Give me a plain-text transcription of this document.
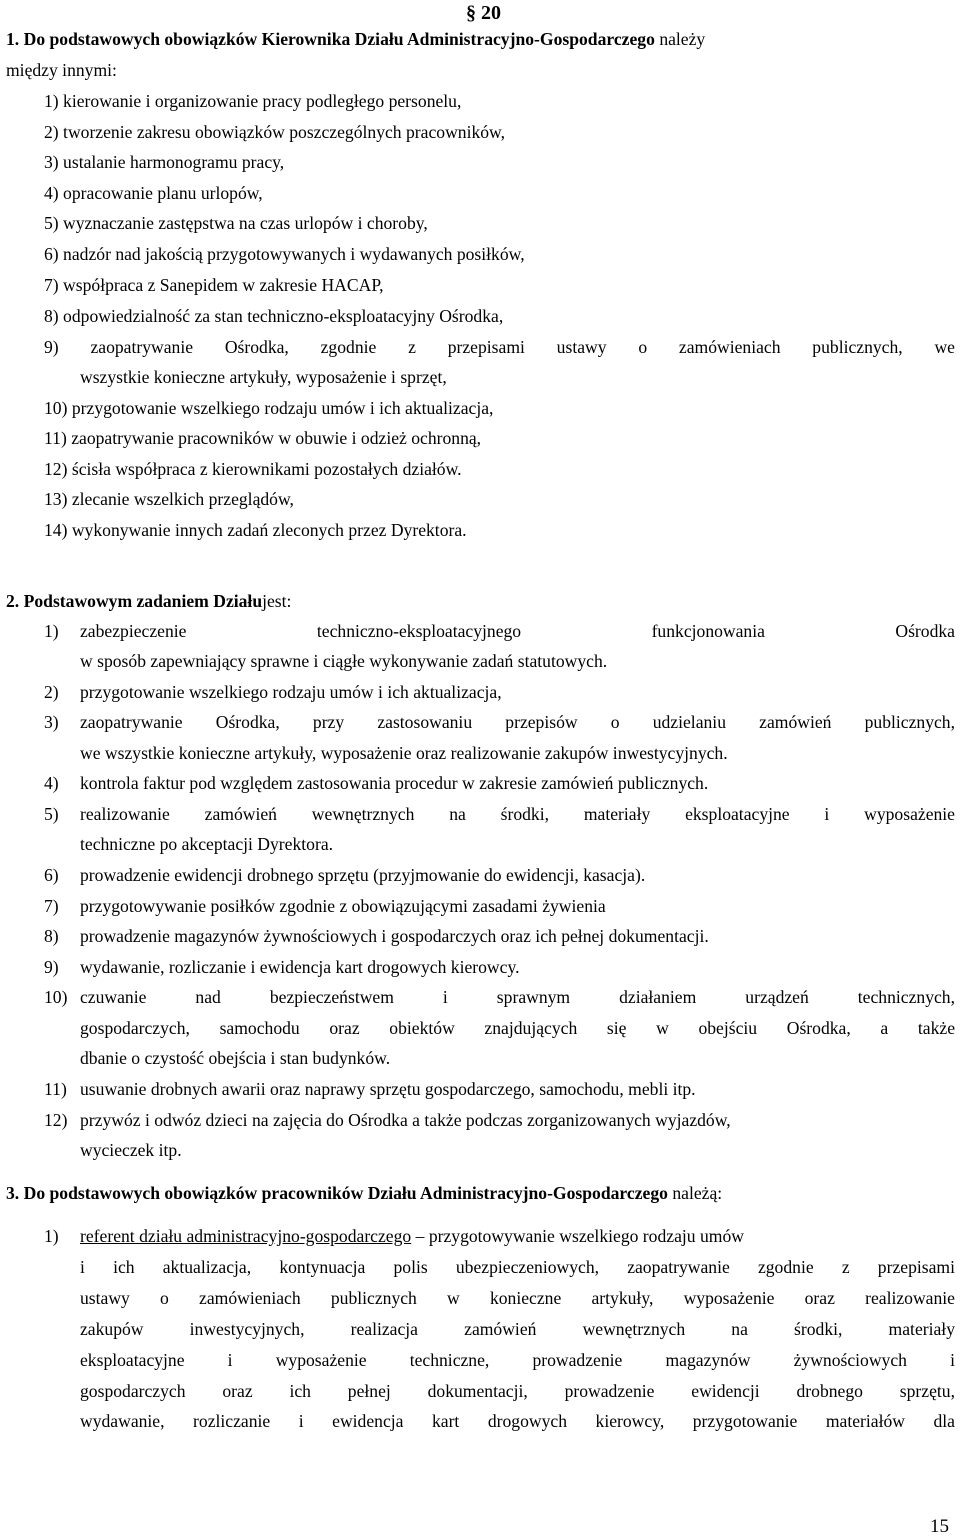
§ 20
1. Do podstawowych obowiązków Kierownika Działu Administracyjno-Gospodarczego należy
między innymi:
1) kierowanie i organizowanie pracy podległego personelu,
2) tworzenie zakresu obowiązków poszczególnych pracowników,
3) ustalanie harmonogramu pracy,
4) opracowanie planu urlopów,
5) wyznaczanie zastępstwa na czas urlopów i choroby,
6) nadzór nad jakością przygotowywanych i wydawanych posiłków,
7) współpraca z Sanepidem w zakresie HACAP,
8) odpowiedzialność za stan techniczno-eksploatacyjny Ośrodka,
9) zaopatrywanie Ośrodka, zgodnie z przepisami ustawy o zamówieniach publicznych, we
wszystkie konieczne artykuły, wyposażenie i sprzęt,
10) przygotowanie wszelkiego rodzaju umów i ich aktualizacja,
11) zaopatrywanie pracowników w obuwie i odzież ochronną,
12) ścisła współpraca z kierownikami pozostałych działów.
13) zlecanie wszelkich przeglądów,
14) wykonywanie innych zadań zleconych przez Dyrektora.
2. Podstawowym zadaniem Działujest:
1) zabezpieczenie techniczno-eksploatacyjnego funkcjonowania Ośrodka
w sposób zapewniający sprawne i ciągłe wykonywanie zadań statutowych.
2) przygotowanie wszelkiego rodzaju umów i ich aktualizacja,
3) zaopatrywanie Ośrodka, przy zastosowaniu przepisów o udzielaniu zamówień publicznych,
we wszystkie konieczne artykuły, wyposażenie oraz realizowanie zakupów inwestycyjnych.
4) kontrola faktur pod względem zastosowania procedur w zakresie zamówień publicznych.
5) realizowanie zamówień wewnętrznych na środki, materiały eksploatacyjne i wyposażenie
techniczne po akceptacji Dyrektora.
6) prowadzenie ewidencji drobnego sprzętu (przyjmowanie do ewidencji, kasacja).
7) przygotowywanie posiłków zgodnie z obowiązującymi zasadami żywienia
8) prowadzenie magazynów żywnościowych i gospodarczych oraz ich pełnej dokumentacji.
9) wydawanie, rozliczanie i ewidencja kart drogowych kierowcy.
10) czuwanie nad bezpieczeństwem i sprawnym działaniem urządzeń technicznych,
gospodarczych, samochodu oraz obiektów znajdujących się w obejściu Ośrodka, a także
dbanie o czystość obejścia i stan budynków.
11) usuwanie drobnych awarii oraz naprawy sprzętu gospodarczego, samochodu, mebli itp.
12) przywóz i odwóz dzieci na zajęcia do Ośrodka a także podczas zorganizowanych wyjazdów,
wycieczek itp.
3. Do podstawowych obowiązków pracowników Działu Administracyjno-Gospodarczego należą:
1) referent działu administracyjno-gospodarczego – przygotowywanie wszelkiego rodzaju umów
i ich aktualizacja, kontynuacja polis ubezpieczeniowych, zaopatrywanie zgodnie z przepisami
ustawy o zamówieniach publicznych w konieczne artykuły, wyposażenie oraz realizowanie
zakupów inwestycyjnych, realizacja zamówień wewnętrznych na środki, materiały
eksploatacyjne i wyposażenie techniczne, prowadzenie magazynów żywnościowych i
gospodarczych oraz ich pełnej dokumentacji, prowadzenie ewidencji drobnego sprzętu,
wydawanie, rozliczanie i ewidencja kart drogowych kierowcy, przygotowanie materiałów dla
15
